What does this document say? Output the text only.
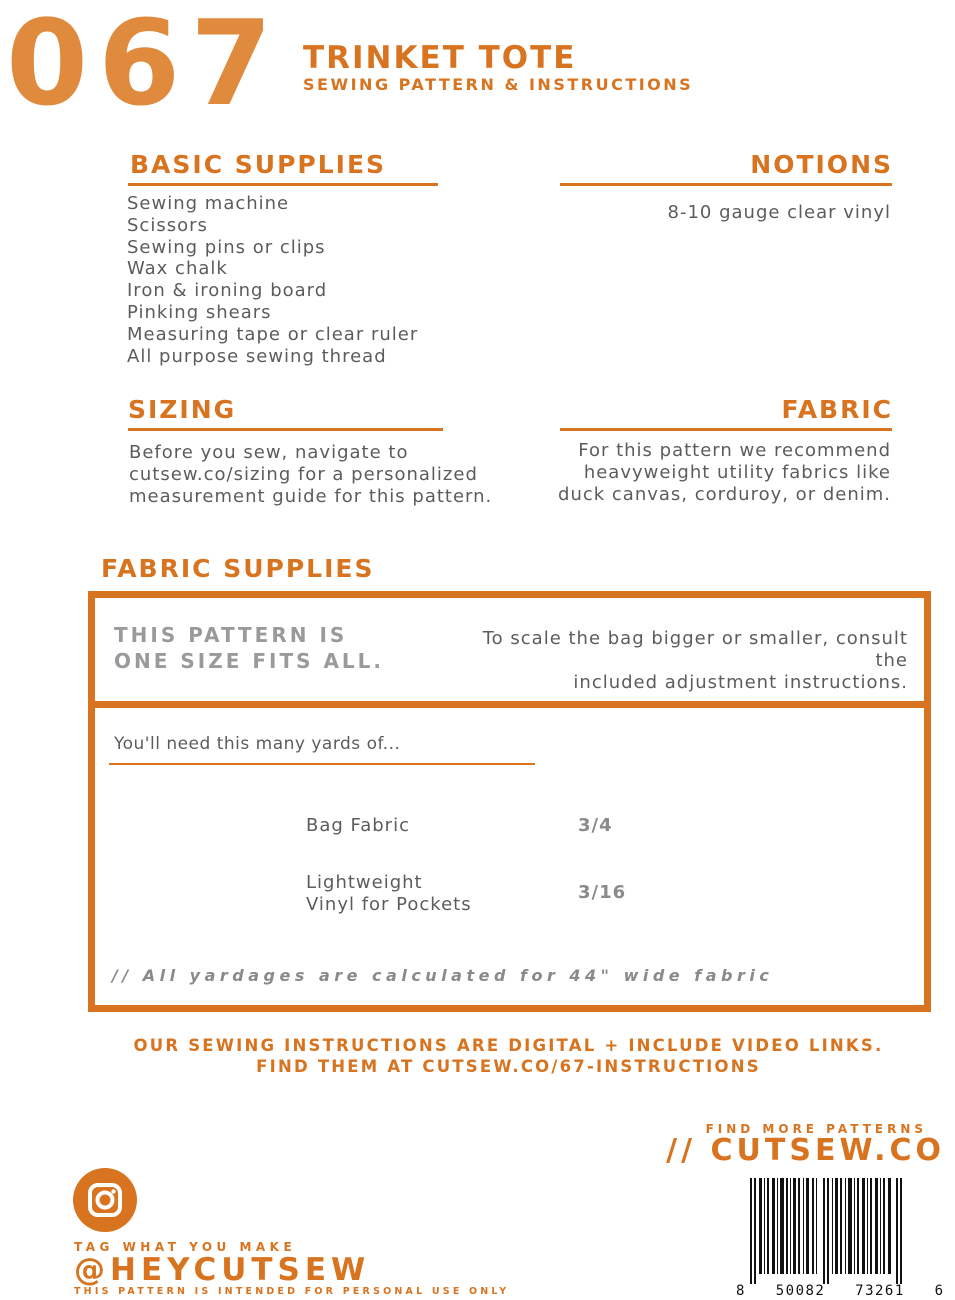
067 TRINKET TOTE
SEWING PATTERN & INSTRUCTIONS
BASIC SUPPLIES
Sewing machine
Scissors
Sewing pins or clips
Wax chalk
Iron & ironing board
Pinking shears
Measuring tape or clear ruler
All purpose sewing thread
NOTIONS
8-10 gauge clear vinyl
SIZING
Before you sew, navigate to
cutsew.co/sizing for a personalized
measurement guide for this pattern.
FABRIC
For this pattern we recommend
heavyweight utility fabrics like
duck canvas, corduroy, or denim.
FABRIC SUPPLIES
THIS PATTERN IS
ONE SIZE FITS ALL.
To scale the bag bigger or smaller, consult the
included adjustment instructions.
You'll need this many yards of...
Bag Fabric	3/4
Lightweight
Vinyl for Pockets
3/16
// All yardages are calculated for 44" wide fabric
OUR SEWING INSTRUCTIONS ARE DIGITAL + INCLUDE VIDEO LINKS.
FIND THEM AT CUTSEW.CO/67-INSTRUCTIONS
FIND MORE PATTERNS
// CUTSEW.CO
8   50082   73261   6
TAG WHAT YOU MAKE
@HEYCUTSEW
THIS PATTERN IS INTENDED FOR PERSONAL USE ONLY
